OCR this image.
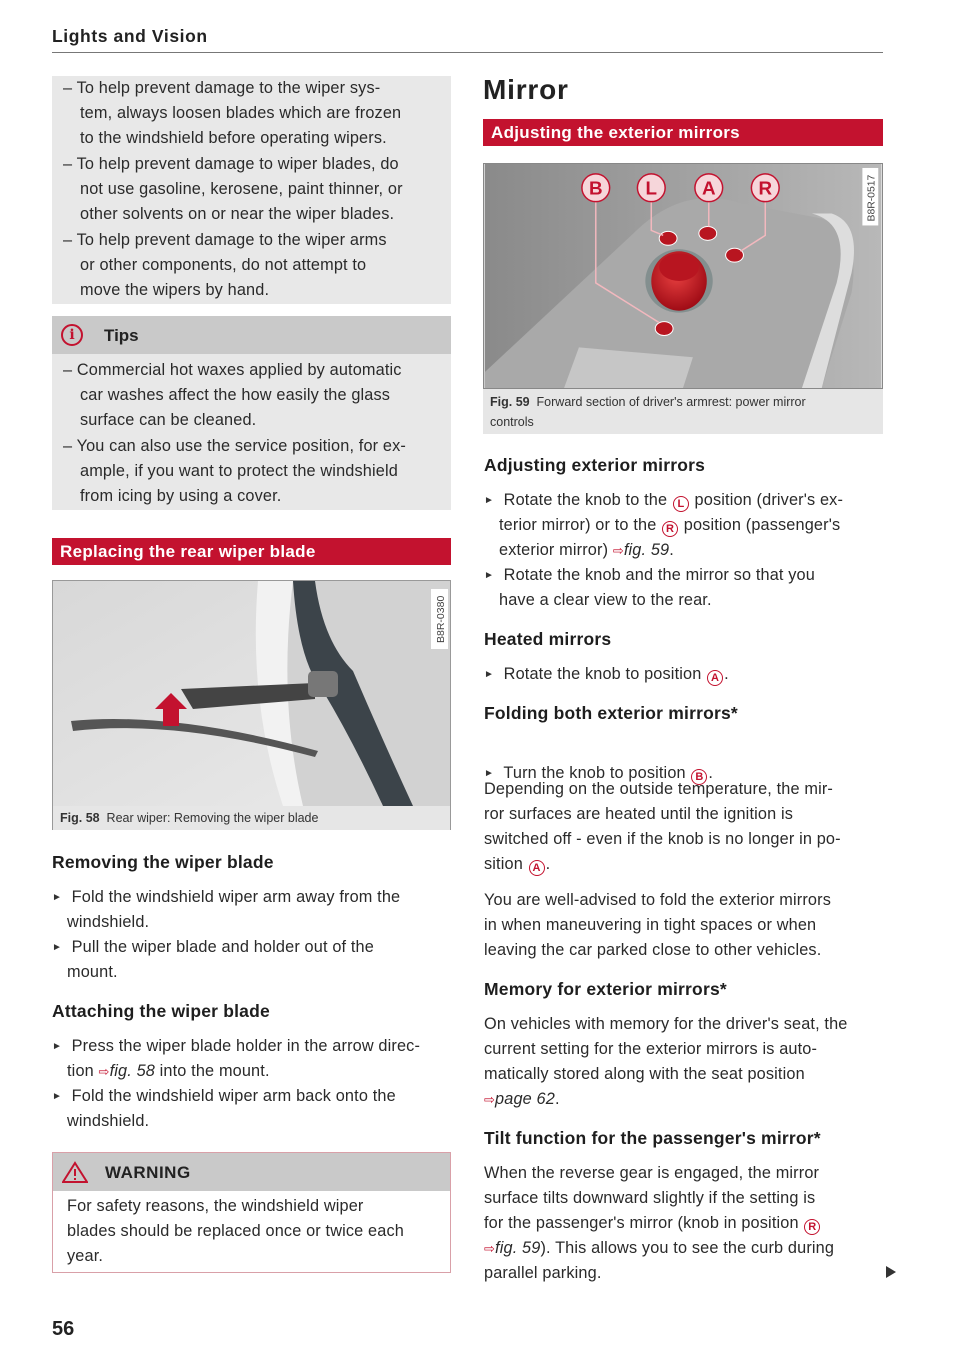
Lights and Vision
56
– To help prevent damage to the wiper sys-
tem, always loosen blades which are frozen
to the windshield before operating wipers.
– To help prevent damage to wiper blades, do
not use gasoline, kerosene, paint thinner, or
other solvents on or near the wiper blades.
– To help prevent damage to the wiper arms
or other components, do not attempt to
move the wipers by hand.
i	Tips
– Commercial hot waxes applied by automatic
car washes affect the how easily the glass
surface can be cleaned.
– You can also use the service position, for ex-
ample, if you want to protect the windshield
from icing by using a cover.
Replacing the rear wiper blade
B8R-0380
Fig. 58 Rear wiper: Removing the wiper blade
Removing the wiper blade
► Fold the windshield wiper arm away from the
windshield.
► Pull the wiper blade and holder out of the
mount.
Attaching the wiper blade
► Press the wiper blade holder in the arrow direc-
tion ⇨fig. 58 into the mount.
► Fold the windshield wiper arm back onto the
windshield.
WARNING
For safety reasons, the windshield wiper
blades should be replaced once or twice each
year.
Mirror
Adjusting the exterior mirrors
B L A R	B8R-0517
Fig. 59 Forward section of driver's armrest: power mirror
controls
Adjusting exterior mirrors
► Rotate the knob to the L position (driver's ex-
terior mirror) or to the R position (passenger's
exterior mirror) ⇨fig. 59.
► Rotate the knob and the mirror so that you
have a clear view to the rear.
Heated mirrors
► Rotate the knob to position A .
Folding both exterior mirrors*
► Turn the knob to position B .
Depending on the outside temperature, the mir-
ror surfaces are heated until the ignition is
switched off - even if the knob is no longer in po-
sition A .
You are well-advised to fold the exterior mirrors
in when maneuvering in tight spaces or when
leaving the car parked close to other vehicles.
Memory for exterior mirrors*
On vehicles with memory for the driver's seat, the
current setting for the exterior mirrors is auto-
matically stored along with the seat position
⇨page 62.
Tilt function for the passenger's mirror*
When the reverse gear is engaged, the mirror
surface tilts downward slightly if the setting is
for the passenger's mirror (knob in position R
⇨fig. 59). This allows you to see the curb during
parallel parking.
